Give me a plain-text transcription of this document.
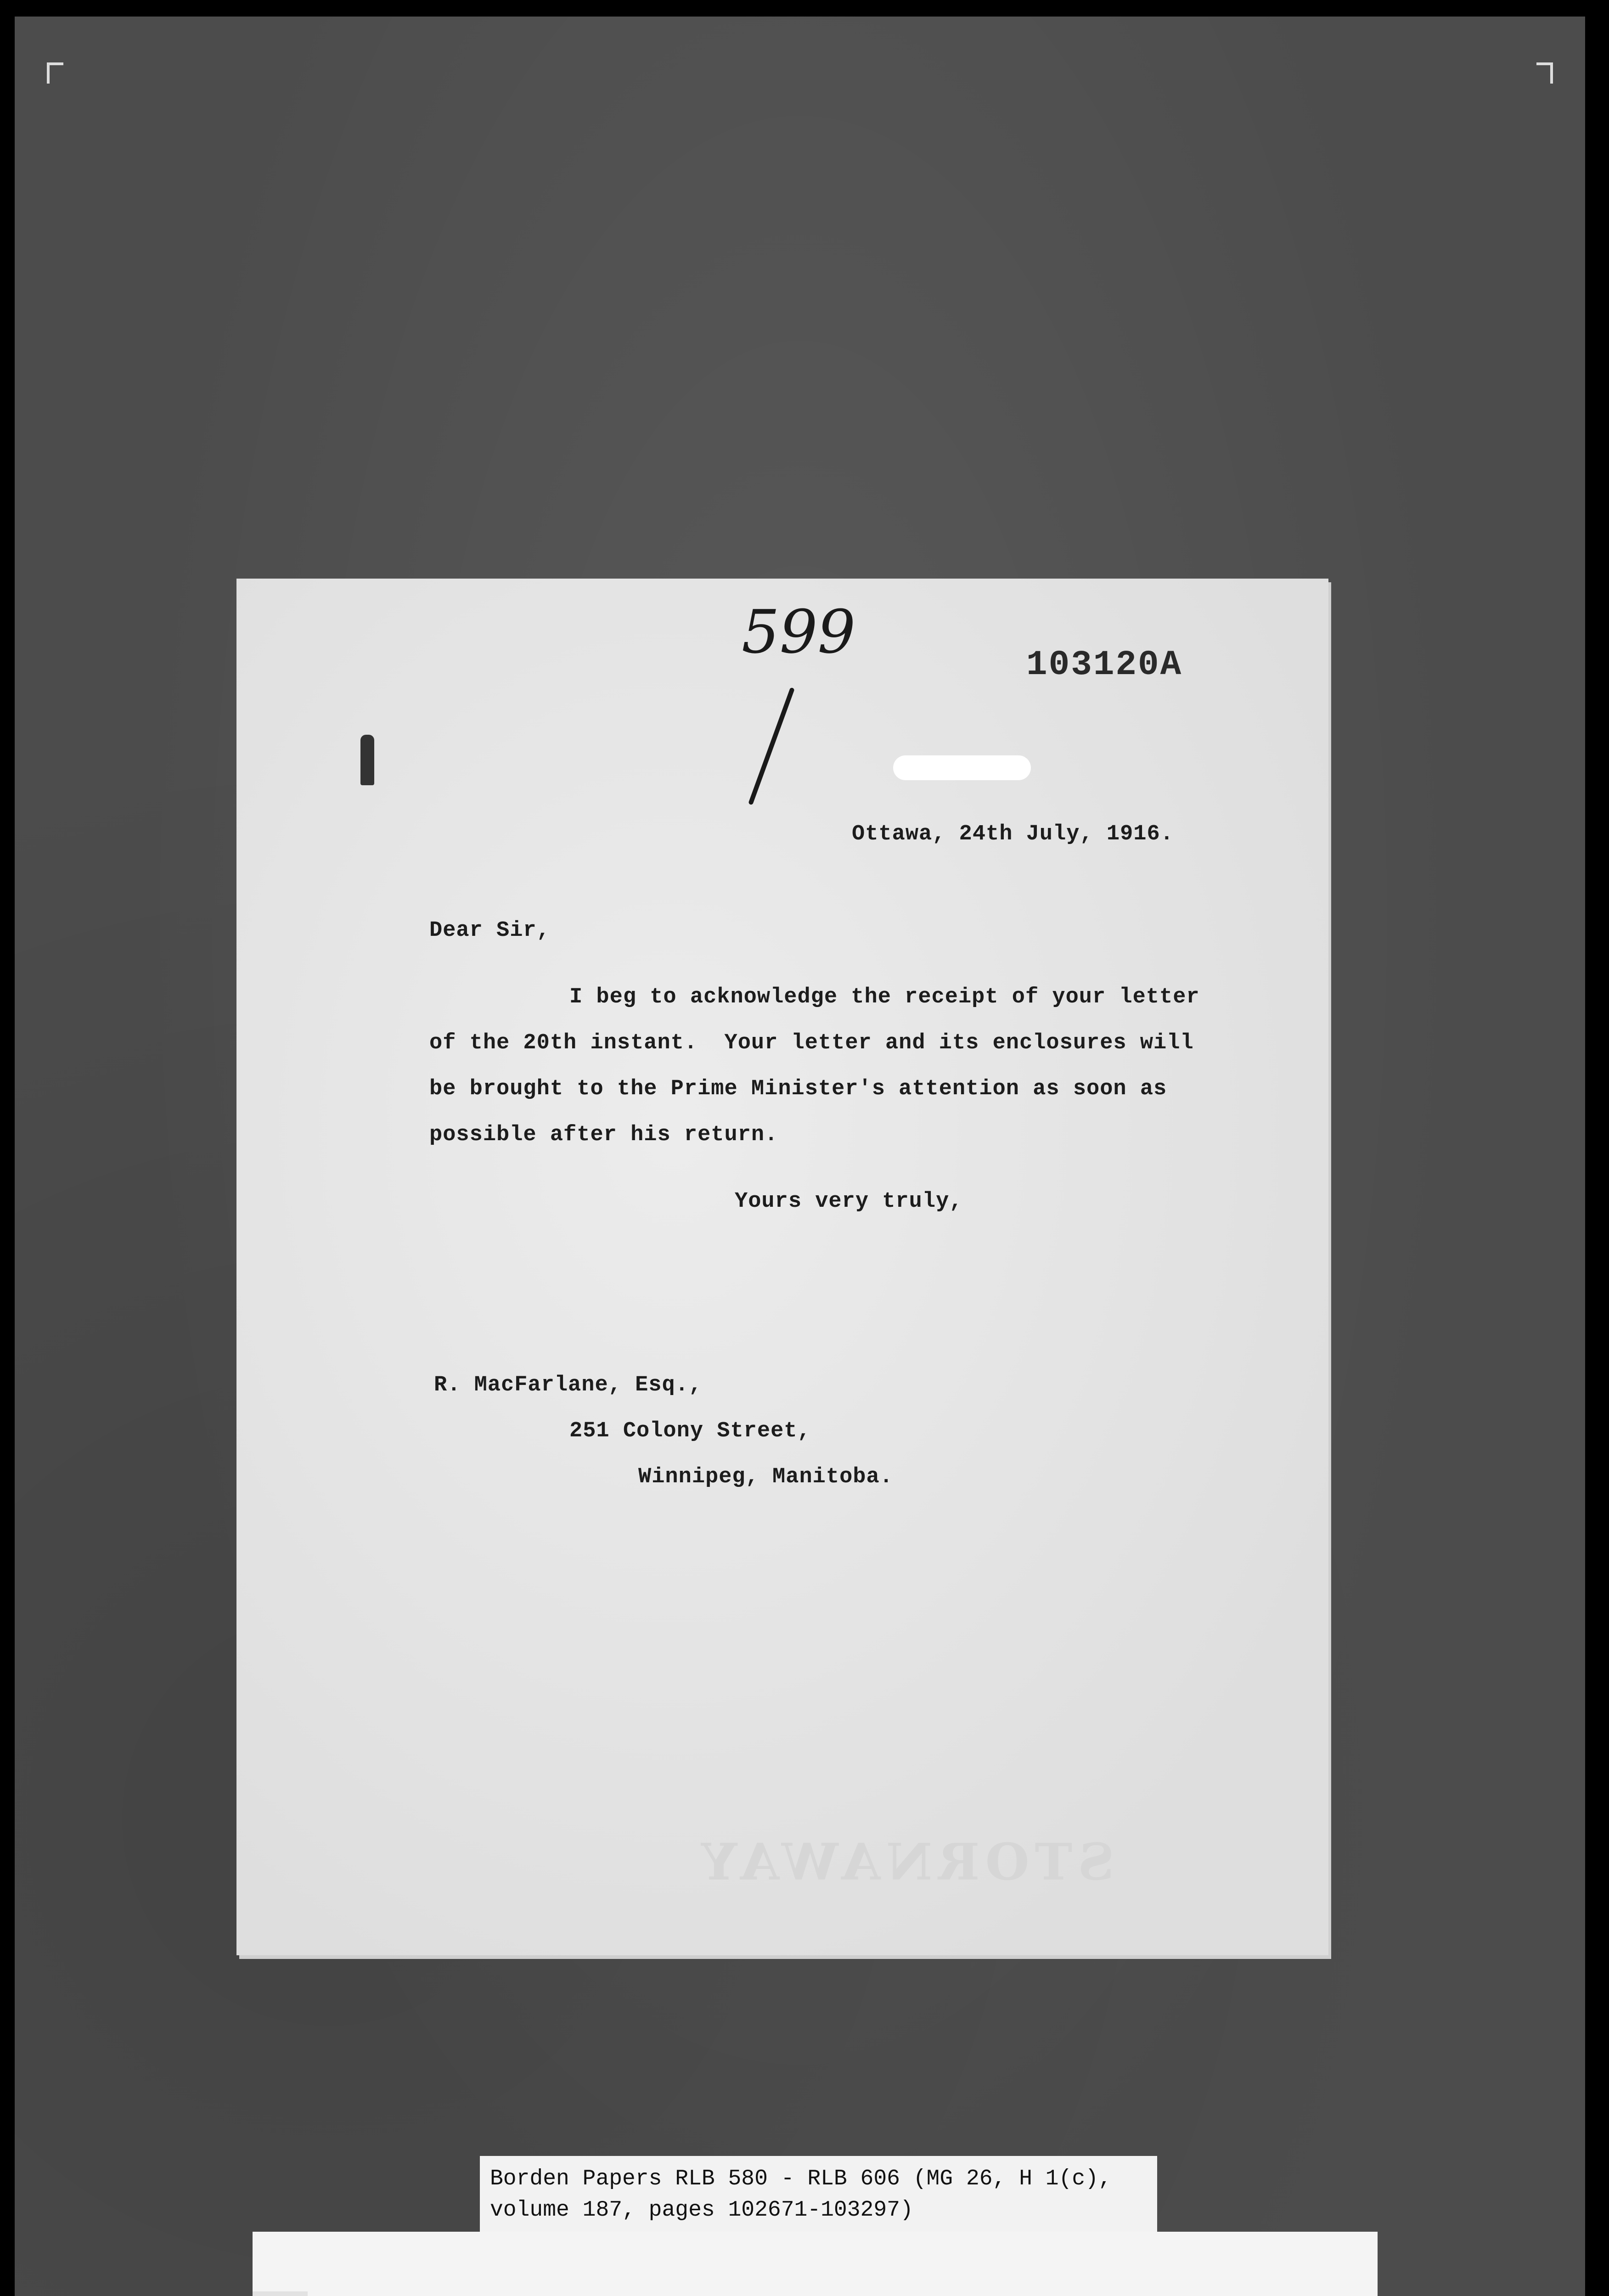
599	103120A
Ottawa, 24th July, 1916.
Dear Sir,
I beg to acknowledge the receipt of your letter
of the 20th instant.  Your letter and its enclosures will
be brought to the Prime Minister's attention as soon as
possible after his return.
Yours very truly,
R. MacFarlane, Esq.,
251 Colony Street,
Winnipeg, Manitoba.
STORNAWAY
Borden Papers RLB 580 - RLB 606 (MG 26, H 1(c),
volume 187, pages 102671-103297)
